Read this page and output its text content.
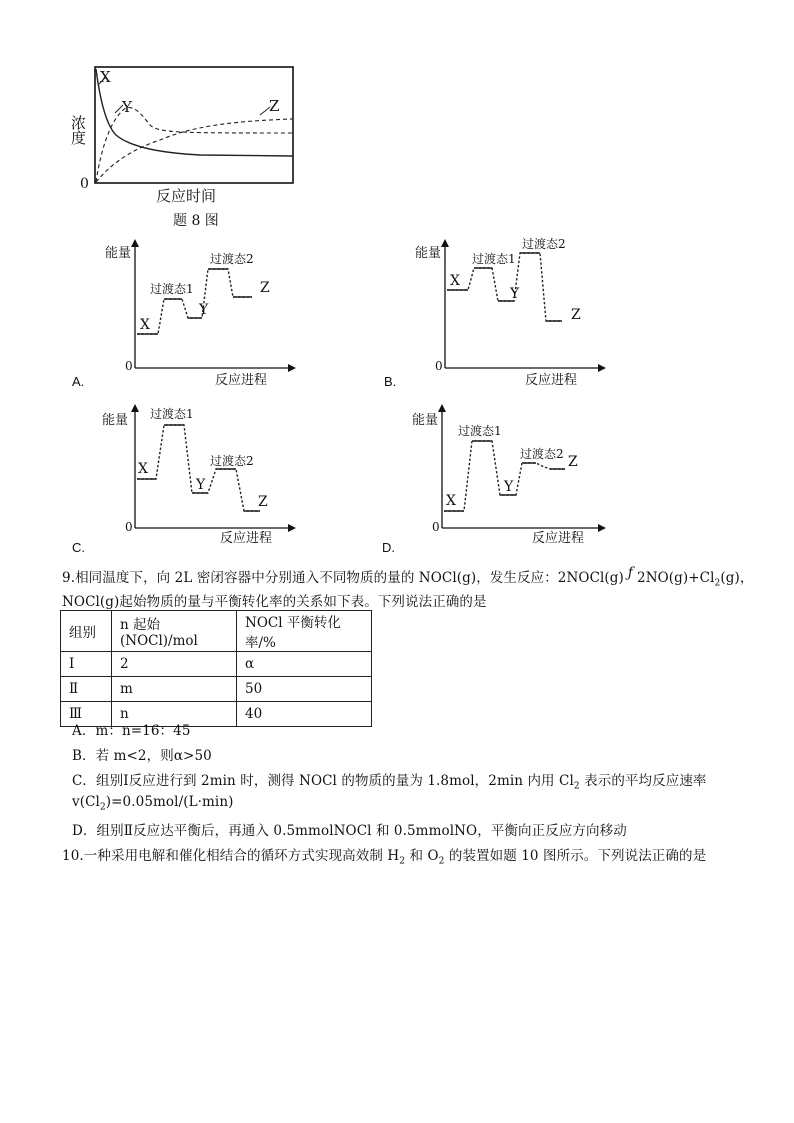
X
Y	Z
浓度
0
反应时间
题 8 图
能量
0
反应进程
X
过渡态1
Y
过渡态2
Z
A.
能量
0
反应进程
X
过渡态1
Y
过渡态2
Z
B.
能量
0
反应进程
X
过渡态1
Y
过渡态2
Z
C.
能量
0
反应进程
X
过渡态1
Y
过渡态2 Z
D.
9.相同温度下，向 2L 密闭容器中分别通入不同物质的量的 NOCl(g)，发生反应：2NOCl(g) ƒ $2NO(g)+Cl_2(g)$，
NOCl(g)起始物质的量与平衡转化率的关系如下表。下列说法正确的是
组别	n 起始(NOCl)/mol	NOCl 平衡转化率/%
Ⅰ	2	α
Ⅱ	m	50
Ⅲ	n	40
A．m：n=16：45
B．若 m<2，则α>50
C．组别Ⅰ反应进行到 2min 时，测得 NOCl 的物质的量为 1.8mol，2min 内用 $Cl_2$ 表示的平均反应速率
$v(Cl_2)=0.05mol/(L\cdot\min)$
D．组别Ⅱ反应达平衡后，再通入 0.5mmolNOCl 和 0.5mmolNO，平衡向正反应方向移动
10.一种采用电解和催化相结合的循环方式实现高效制 $H_2$ 和 $O_2$ 的装置如题 10 图所示。下列说法正确的是
